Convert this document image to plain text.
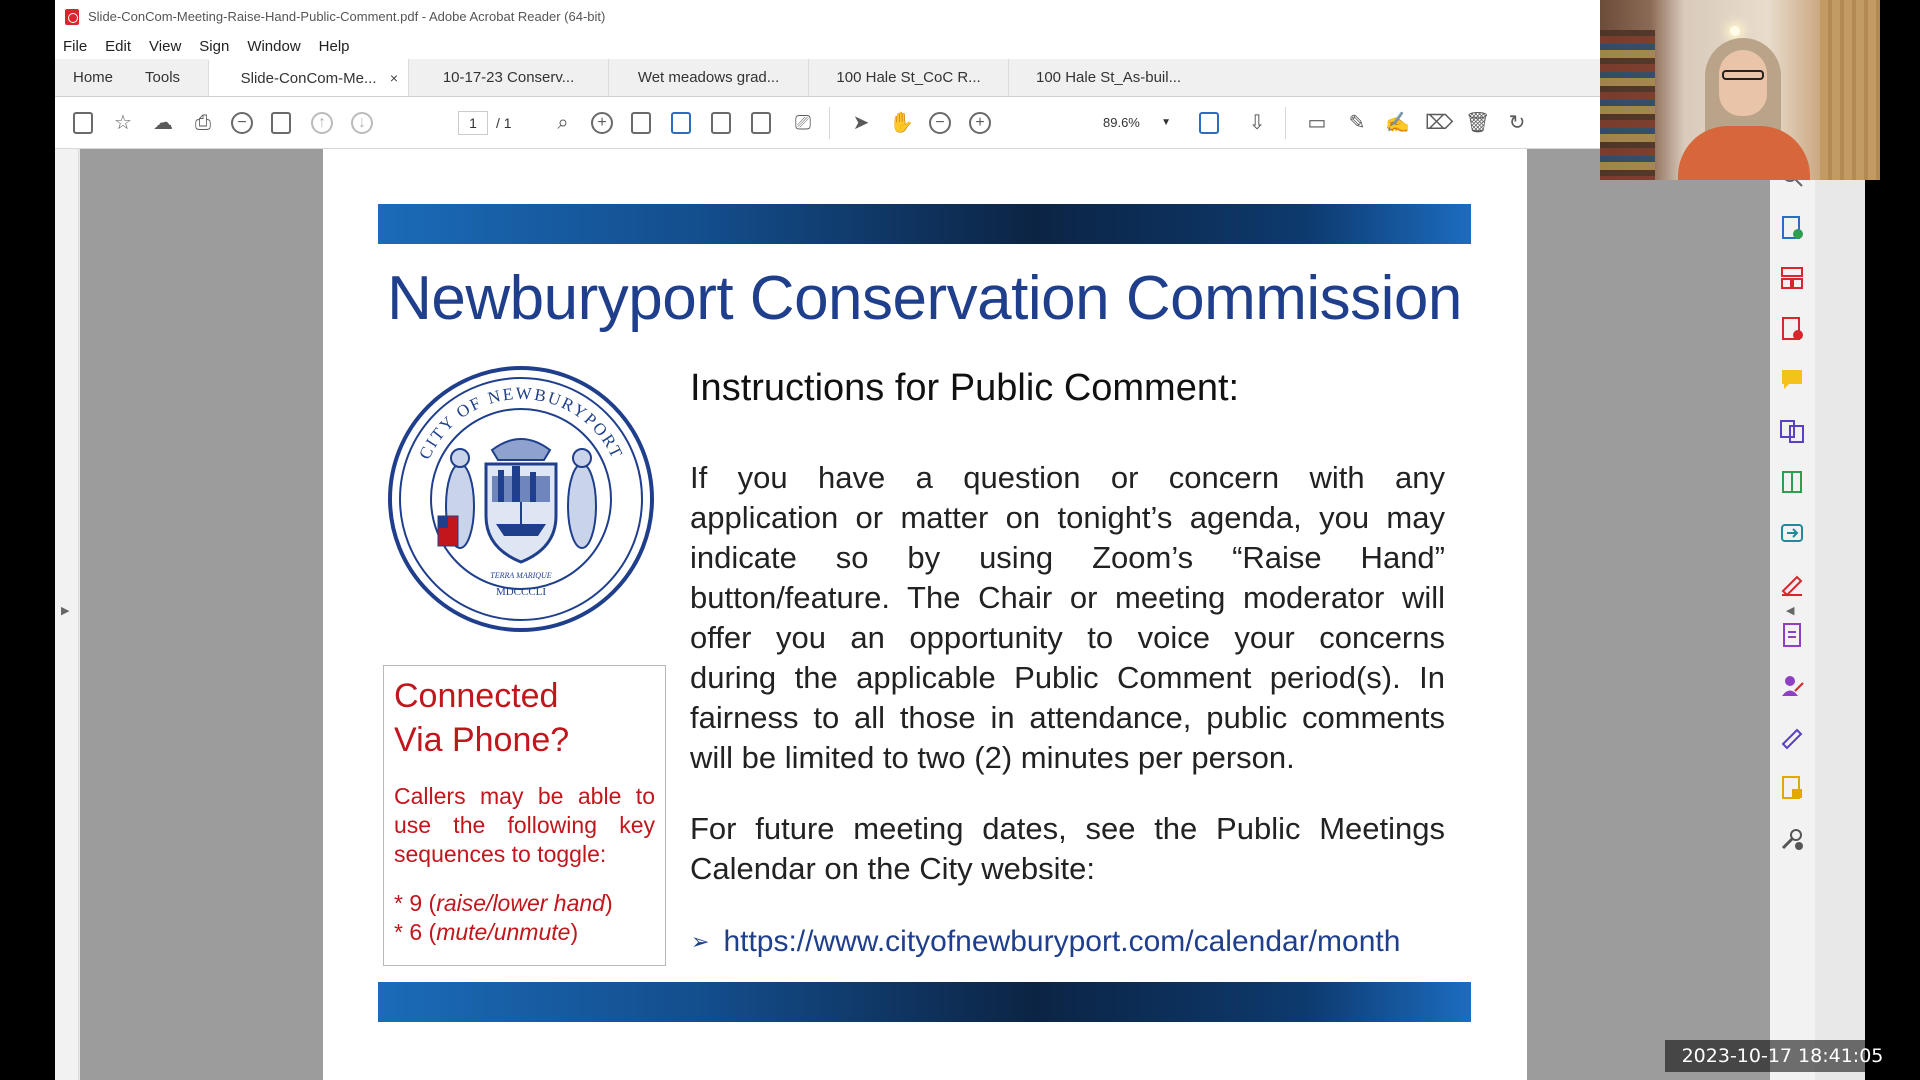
Slide-ConCom-Meeting-Raise-Hand-Public-Comment.pdf - Adobe Acrobat Reader (64-bit)
File Edit View Sign Window Help
Home	Tools	Slide-ConCom-Me... ×	10-17-23 Conserv...	Wet meadows grad...	100 Hale St_CoC R...	100 Hale St_As-buil...
☆ ☁ ⎙	−	↑	↓	1	/ 1	⌕	+	⎚ ➤ ✋	−	+	89.6% ▼	⇩ ▭ ✎ ✍ ⌦ 🗑 ↻
▶
Newburyport Conservation Commission
CITY OF NEWBURYPORT
MDCCCLI
TERRA MARIQUE
Instructions for Public Comment:
If you have a question or concern with any
application or matter on tonight’s agenda, you may
indicate so by using Zoom’s “Raise Hand”
button/feature. The Chair or meeting moderator will
offer you an opportunity to voice your concerns
during the applicable Public Comment period(s). In
fairness to all those in attendance, public comments
will be limited to two (2) minutes per person.
For future meeting dates, see the Public Meetings
Calendar on the City website:
➢ https://www.cityofnewburyport.com/calendar/month
Connected
Via Phone?
Callers may be able to use the following key sequences to toggle:
* 9 (raise/lower hand)
* 6 (mute/unmute)
◀
2023-10-17 18:41:05
